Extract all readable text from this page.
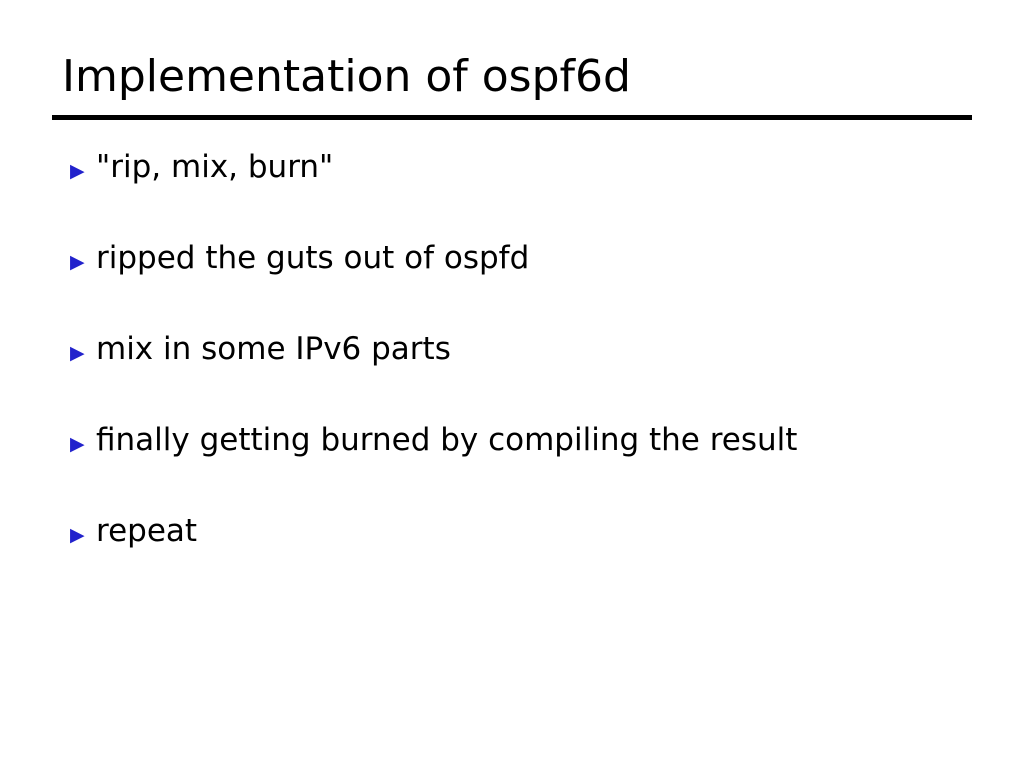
Implementation of ospf6d
▶ "rip, mix, burn"
▶ ripped the guts out of ospfd
▶ mix in some IPv6 parts
▶ finally getting burned by compiling the result
▶ repeat
